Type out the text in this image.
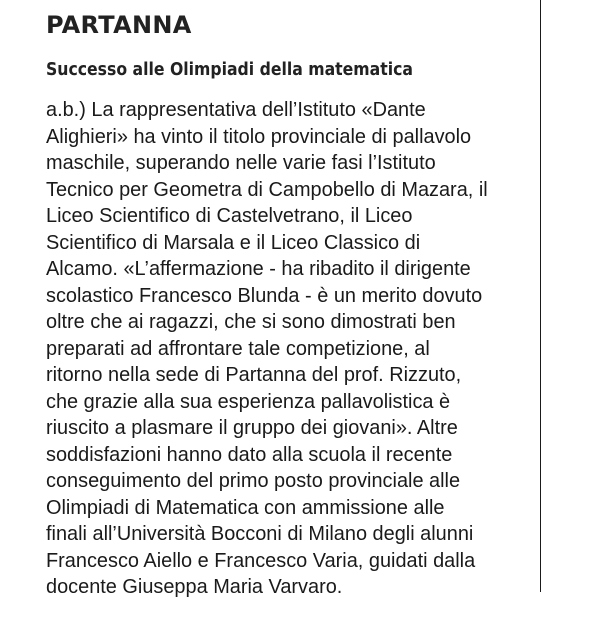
PARTANNA
Successo alle Olimpiadi della matematica
a.b.) La rappresentativa dell’Istituto «Dante
Alighieri» ha vinto il titolo provinciale di pallavolo
maschile, superando nelle varie fasi l’Istituto
Tecnico per Geometra di Campobello di Mazara, il
Liceo Scientifico di Castelvetrano, il Liceo
Scientifico di Marsala e il Liceo Classico di
Alcamo. «L’affermazione - ha ribadito il dirigente
scolastico Francesco Blunda - è un merito dovuto
oltre che ai ragazzi, che si sono dimostrati ben
preparati ad affrontare tale competizione, al
ritorno nella sede di Partanna del prof. Rizzuto,
che grazie alla sua esperienza pallavolistica è
riuscito a plasmare il gruppo dei giovani». Altre
soddisfazioni hanno dato alla scuola il recente
conseguimento del primo posto provinciale alle
Olimpiadi di Matematica con ammissione alle
finali all’Università Bocconi di Milano degli alunni
Francesco Aiello e Francesco Varia, guidati dalla
docente Giuseppa Maria Varvaro.
